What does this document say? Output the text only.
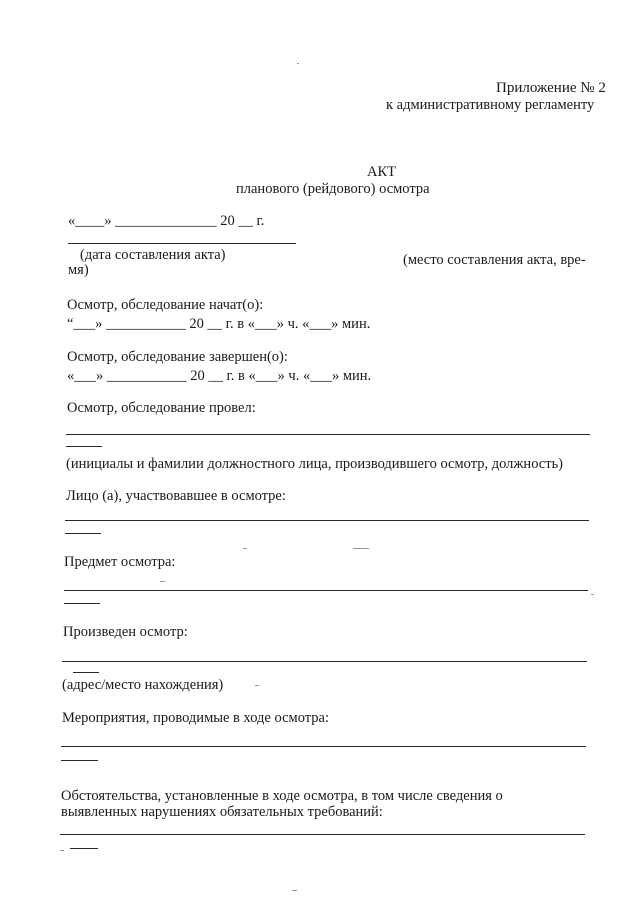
Приложение № 2

к административному регламенту

АКТ

планового (рейдового) осмотра

«____» ______________ 20 __ г.

(дата составления акта)	(место составления акта, вре-

мя)

Осмотр, обследование начат(о):

“___» ___________ 20 __ г. в «___» ч. «___» мин.

Осмотр, обследование завершен(о):

«___» ___________ 20 __ г. в «___» ч. «___» мин.

Осмотр, обследование провел:

(инициалы и фамилии должностного лица, производившего осмотр, должность)

Лицо (а), участвовавшее в осмотре:

Предмет осмотра:

Произведен осмотр:

(адрес/место нахождения)

Мероприятия, проводимые в ходе осмотра:

Обстоятельства, установленные в ходе осмотра, в том числе сведения о

выявленных нарушениях обязательных требований:
